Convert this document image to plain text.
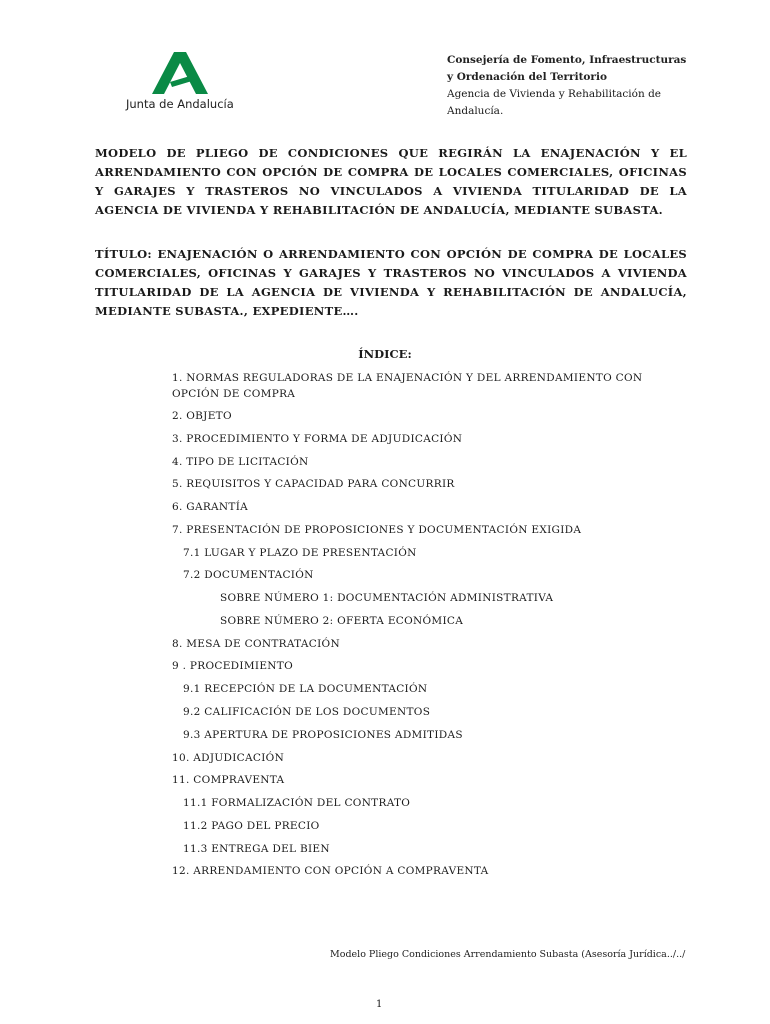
Junta de Andalucía
Consejería de Fomento, Infraestructuras
y Ordenación del Territorio
Agencia de Vivienda y Rehabilitación de Andalucía.
MODELO DE PLIEGO DE CONDICIONES QUE REGIRÁN LA ENAJENACIÓN Y EL ARRENDAMIENTO CON OPCIÓN DE COMPRA DE LOCALES COMERCIALES, OFICINAS Y GARAJES Y TRASTEROS NO VINCULADOS A VIVIENDA TITULARIDAD DE LA AGENCIA DE VIVIENDA Y REHABILITACIÓN DE ANDALUCÍA, MEDIANTE SUBASTA.
TÍTULO: ENAJENACIÓN O ARRENDAMIENTO CON OPCIÓN DE COMPRA DE LOCALES COMERCIALES, OFICINAS Y GARAJES Y TRASTEROS NO VINCULADOS A VIVIENDA TITULARIDAD DE LA AGENCIA DE VIVIENDA Y REHABILITACIÓN DE ANDALUCÍA, MEDIANTE SUBASTA., EXPEDIENTE….
ÍNDICE:
1. NORMAS REGULADORAS DE LA ENAJENACIÓN Y DEL ARRENDAMIENTO CON OPCIÓN DE COMPRA
2. OBJETO
3. PROCEDIMIENTO Y FORMA DE ADJUDICACIÓN
4. TIPO DE LICITACIÓN
5. REQUISITOS Y CAPACIDAD PARA CONCURRIR
6. GARANTÍA
7. PRESENTACIÓN DE PROPOSICIONES Y DOCUMENTACIÓN EXIGIDA
7.1 LUGAR Y PLAZO DE PRESENTACIÓN
7.2 DOCUMENTACIÓN
SOBRE NÚMERO 1: DOCUMENTACIÓN ADMINISTRATIVA
SOBRE NÚMERO 2: OFERTA ECONÓMICA
8. MESA DE CONTRATACIÓN
9 . PROCEDIMIENTO
9.1 RECEPCIÓN DE LA DOCUMENTACIÓN
9.2 CALIFICACIÓN DE LOS DOCUMENTOS
9.3 APERTURA DE PROPOSICIONES ADMITIDAS
10. ADJUDICACIÓN
11. COMPRAVENTA
11.1 FORMALIZACIÓN DEL CONTRATO
11.2 PAGO DEL PRECIO
11.3 ENTREGA DEL BIEN
12. ARRENDAMIENTO CON OPCIÓN A COMPRAVENTA
Modelo Pliego Condiciones Arrendamiento Subasta (Asesoría Jurídica../../
1
